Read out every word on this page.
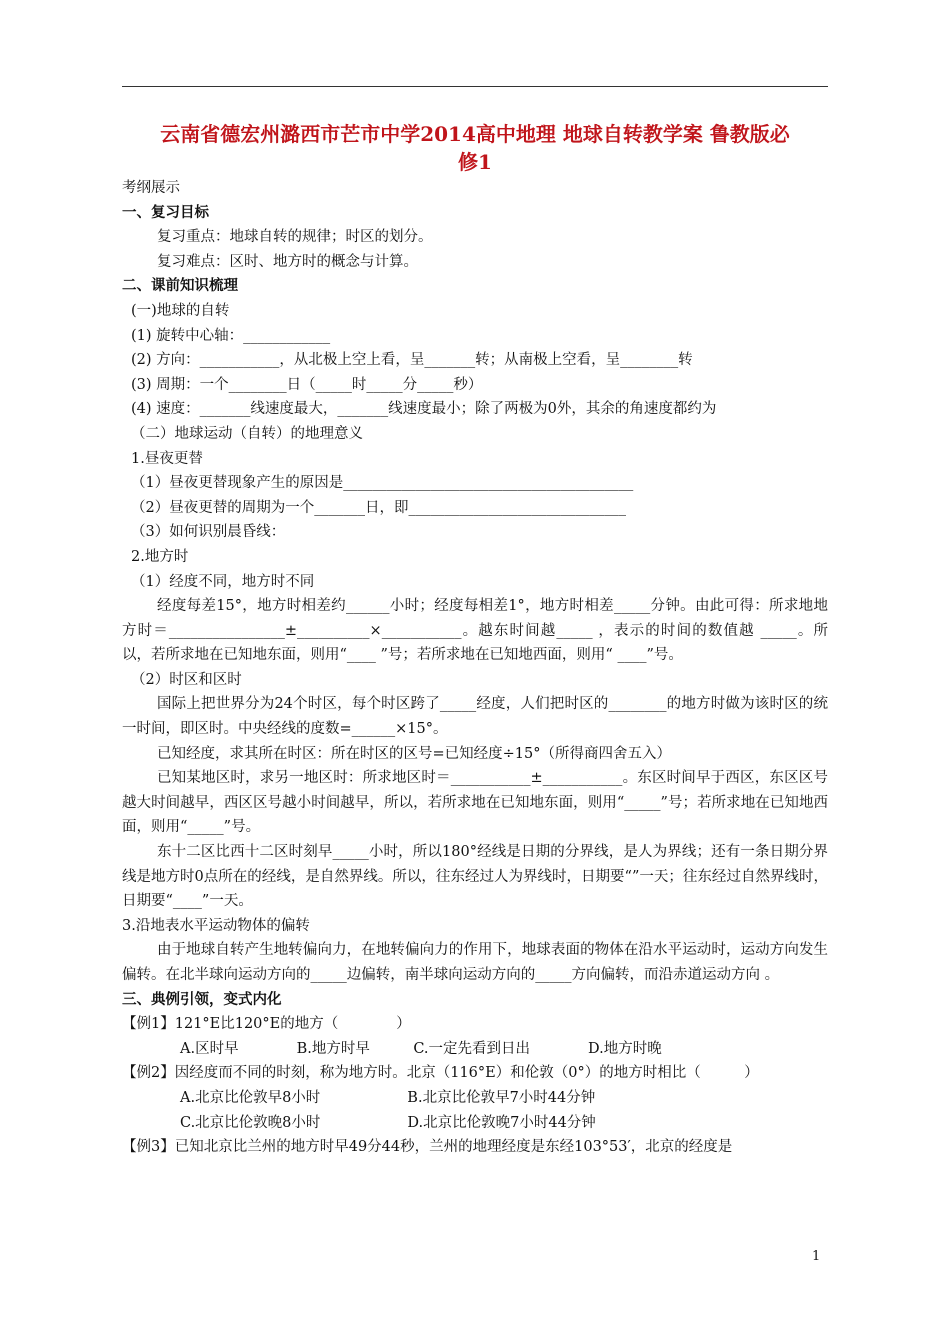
云南省德宏州潞西市芒市中学2014高中地理 地球自转教学案 鲁教版必
修1

考纲展示

一、复习目标

复习重点：地球自转的规律；时区的划分。

复习难点：区时、地方时的概念与计算。

二、课前知识梳理

(一)地球的自转

(1) 旋转中心轴：____________

(2) 方向：___________，从北极上空上看，呈_______转；从南极上空看，呈________转

(3) 周期：一个________日（_____时_____分_____秒）

(4) 速度：_______线速度最大，_______线速度最小；除了两极为0外，其余的角速度都约为

（二）地球运动（自转）的地理意义

1.昼夜更替

（1）昼夜更替现象产生的原因是________________________________________

（2）昼夜更替的周期为一个_______日，即______________________________

（3）如何识别晨昏线：

2.地方时

（1）经度不同，地方时不同

经度每差15°，地方时相差约______小时；经度每相差1°，地方时相差_____分钟。由此可得：所求地地方时＝________________±__________×___________。越东时间越_____ ，表示的时间的数值越 _____。所以，若所求地在已知地东面，则用“____ ”号；若所求地在已知地西面，则用“ ____”号。

（2）时区和区时

国际上把世界分为24个时区，每个时区跨了_____经度，人们把时区的________的地方时做为该时区的统一时间，即区时。中央经线的度数=______×15°。

已知经度，求其所在时区：所在时区的区号=已知经度÷15°（所得商四舍五入）

已知某地区时，求另一地区时：所求地区时＝___________±___________。东区时间早于西区，东区区号越大时间越早，西区区号越小时间越早，所以，若所求地在已知地东面，则用“_____”号；若所求地在已知地西面，则用“_____”号。

东十二区比西十二区时刻早_____小时，所以180°经线是日期的分界线，是人为界线；还有一条日期分界线是地方时0点所在的经线，是自然界线。所以，往东经过人为界线时，日期要“”一天；往东经过自然界线时，日期要“____”一天。

3.沿地表水平运动物体的偏转

由于地球自转产生地转偏向力，在地转偏向力的作用下，地球表面的物体在沿水平运动时，运动方向发生偏转。在北半球向运动方向的_____边偏转，南半球向运动方向的_____方向偏转，而沿赤道运动方向 。

三、典例引领，变式内化

【例1】121°E比120°E的地方（　　　　）

A.区时早　　　　B.地方时早　　　C.一定先看到日出　　　　D.地方时晚

【例2】因经度而不同的时刻，称为地方时。北京（116°E）和伦敦（0°）的地方时相比（　　　）

A.北京比伦敦早8小时　　　　　　B.北京比伦敦早7小时44分钟

C.北京比伦敦晚8小时　　　　　　D.北京比伦敦晚7小时44分钟

【例3】已知北京比兰州的地方时早49分44秒，兰州的地理经度是东经103°53′，北京的经度是

1
